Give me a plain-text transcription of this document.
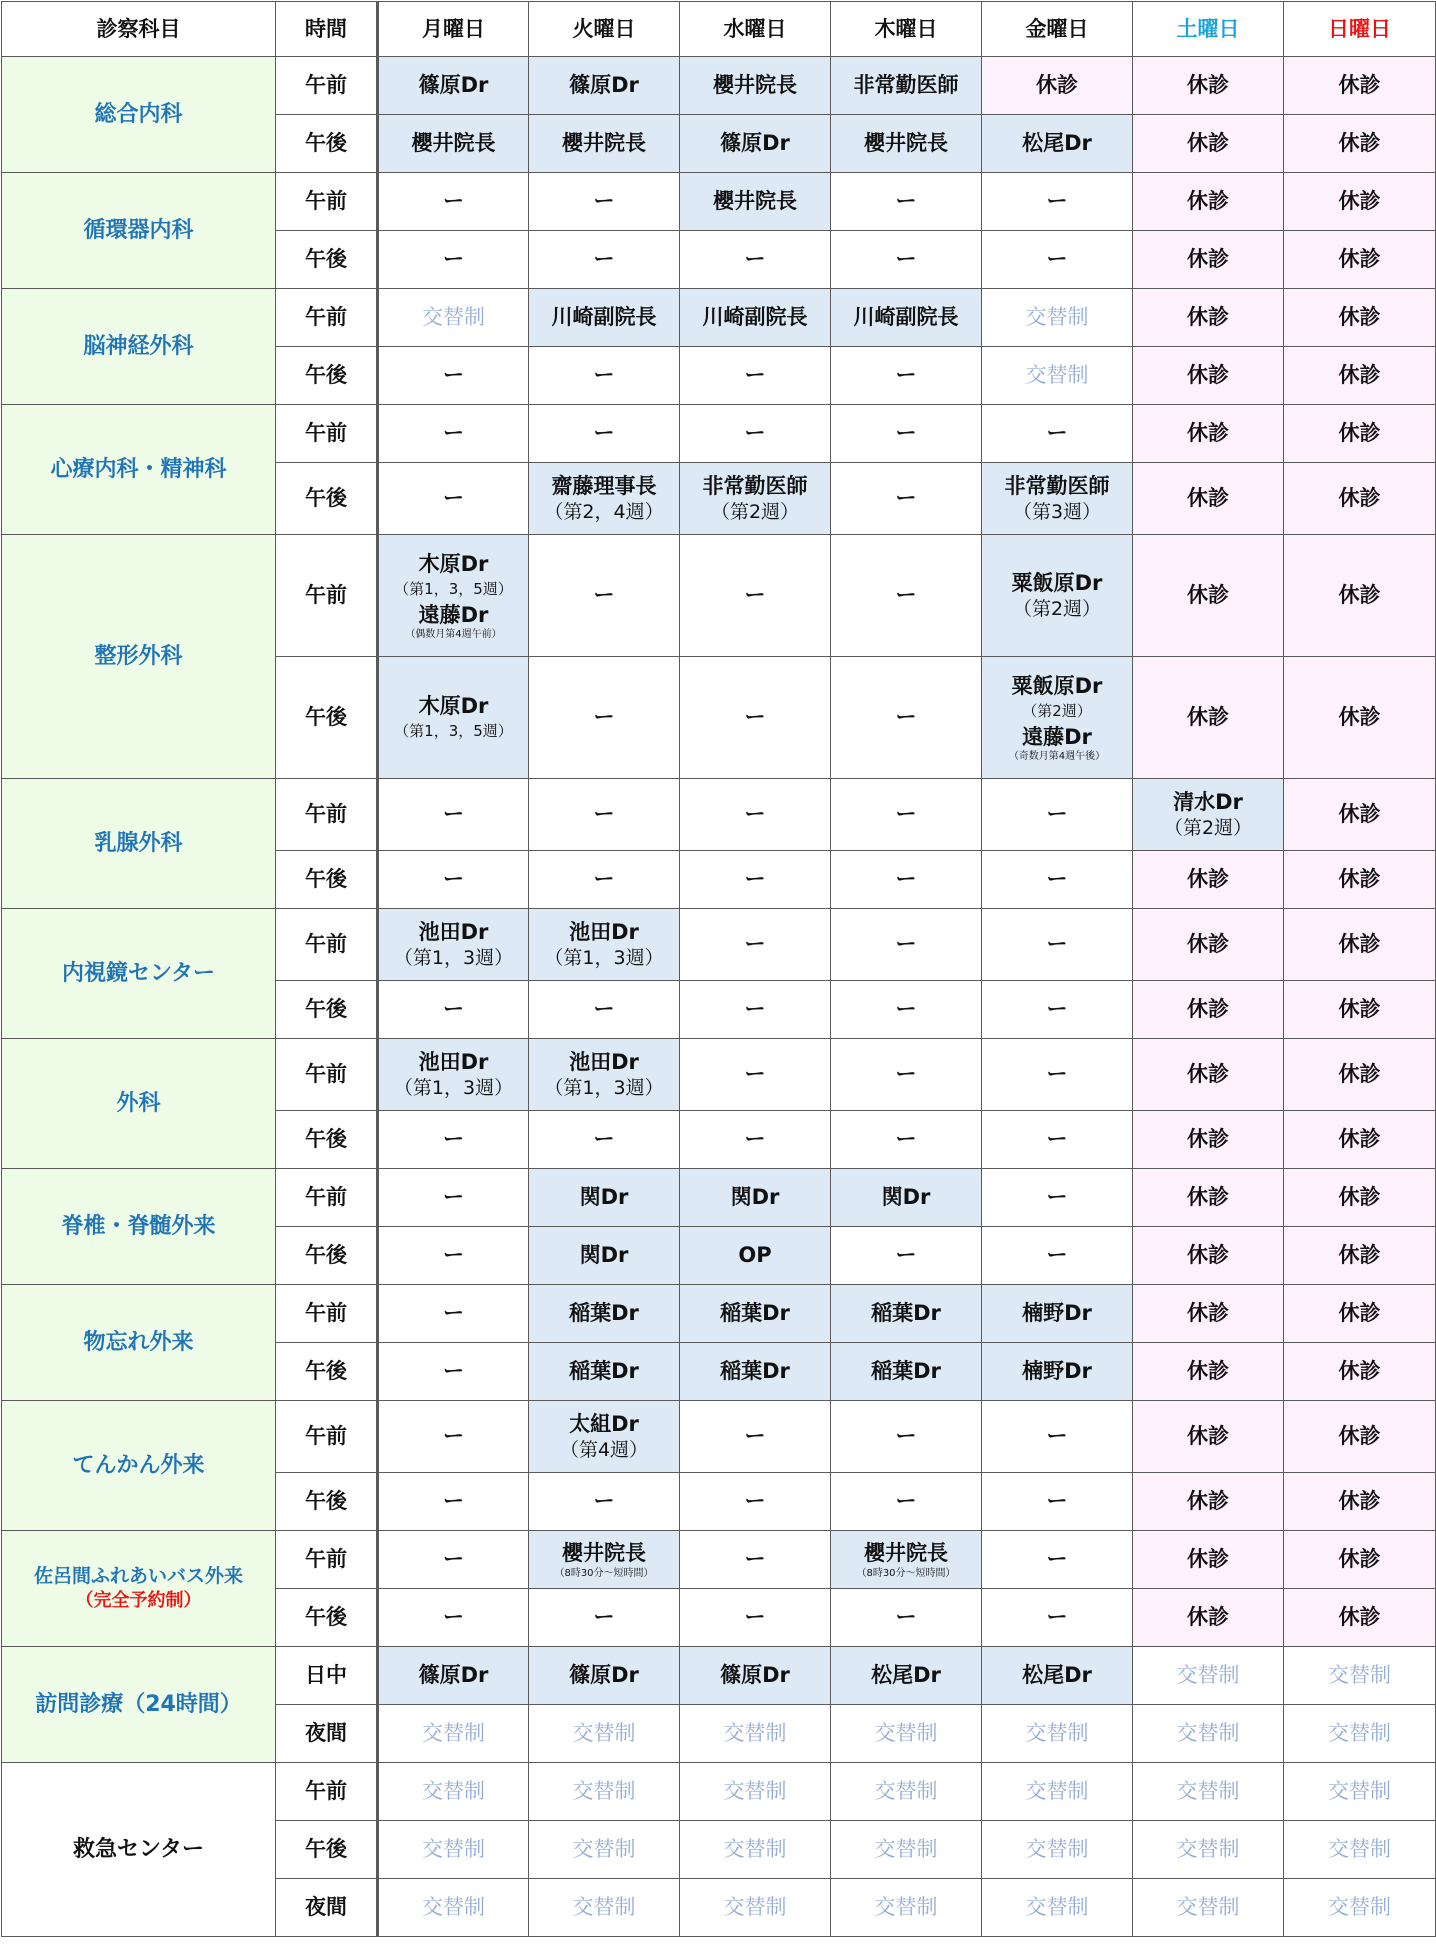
診察科目	時間	月曜日	火曜日	水曜日	木曜日	金曜日	土曜日	日曜日

総合内科	午前	篠原Dr	篠原Dr	櫻井院長	非常勤医師	休診	休診	休診

	午後	櫻井院長	櫻井院長	篠原Dr	櫻井院長	松尾Dr	休診	休診

循環器内科	午前	ー	ー	櫻井院長	ー	ー	休診	休診

	午後	ー	ー	ー	ー	ー	休診	休診

脳神経外科	午前	交替制	川崎副院長	川崎副院長	川崎副院長	交替制	休診	休診

	午後	ー	ー	ー	ー	交替制	休診	休診

心療内科・精神科	午前	ー	ー	ー	ー	ー	休診	休診

	午後	ー	齋藤理事長
（第2，4週）	非常勤医師
（第2週）	ー	非常勤医師
（第3週）	休診	休診

整形外科	午前	木原Dr
（第1，3，5週）
遠藤Dr
（偶数月第4週午前）	ー	ー	ー	粟飯原Dr
（第2週）	休診	休診

	午後	木原Dr
（第1，3，5週）	ー	ー	ー	粟飯原Dr
（第2週）
遠藤Dr
（奇数月第4週午後）	休診	休診

乳腺外科	午前	ー	ー	ー	ー	ー	清水Dr
（第2週）	休診

	午後	ー	ー	ー	ー	ー	休診	休診

内視鏡センター	午前	池田Dr
（第1，3週）	池田Dr
（第1，3週）	ー	ー	ー	休診	休診

	午後	ー	ー	ー	ー	ー	休診	休診

外科	午前	池田Dr
（第1，3週）	池田Dr
（第1，3週）	ー	ー	ー	休診	休診

	午後	ー	ー	ー	ー	ー	休診	休診

脊椎・脊髄外来	午前	ー	関Dr	関Dr	関Dr	ー	休診	休診

	午後	ー	関Dr	OP	ー	ー	休診	休診

物忘れ外来	午前	ー	稲葉Dr	稲葉Dr	稲葉Dr	楠野Dr	休診	休診

	午後	ー	稲葉Dr	稲葉Dr	稲葉Dr	楠野Dr	休診	休診

てんかん外来	午前	ー	太組Dr
（第4週）	ー	ー	ー	休診	休診

	午後	ー	ー	ー	ー	ー	休診	休診

佐呂間ふれあいバス外来
（完全予約制）	午前	ー	櫻井院長
（8時30分～短時間）	ー	櫻井院長
（8時30分～短時間）	ー	休診	休診

	午後	ー	ー	ー	ー	ー	休診	休診

訪問診療（24時間）	日中	篠原Dr	篠原Dr	篠原Dr	松尾Dr	松尾Dr	交替制	交替制

	夜間	交替制	交替制	交替制	交替制	交替制	交替制	交替制

救急センター	午前	交替制	交替制	交替制	交替制	交替制	交替制	交替制

	午後	交替制	交替制	交替制	交替制	交替制	交替制	交替制

	夜間	交替制	交替制	交替制	交替制	交替制	交替制	交替制
